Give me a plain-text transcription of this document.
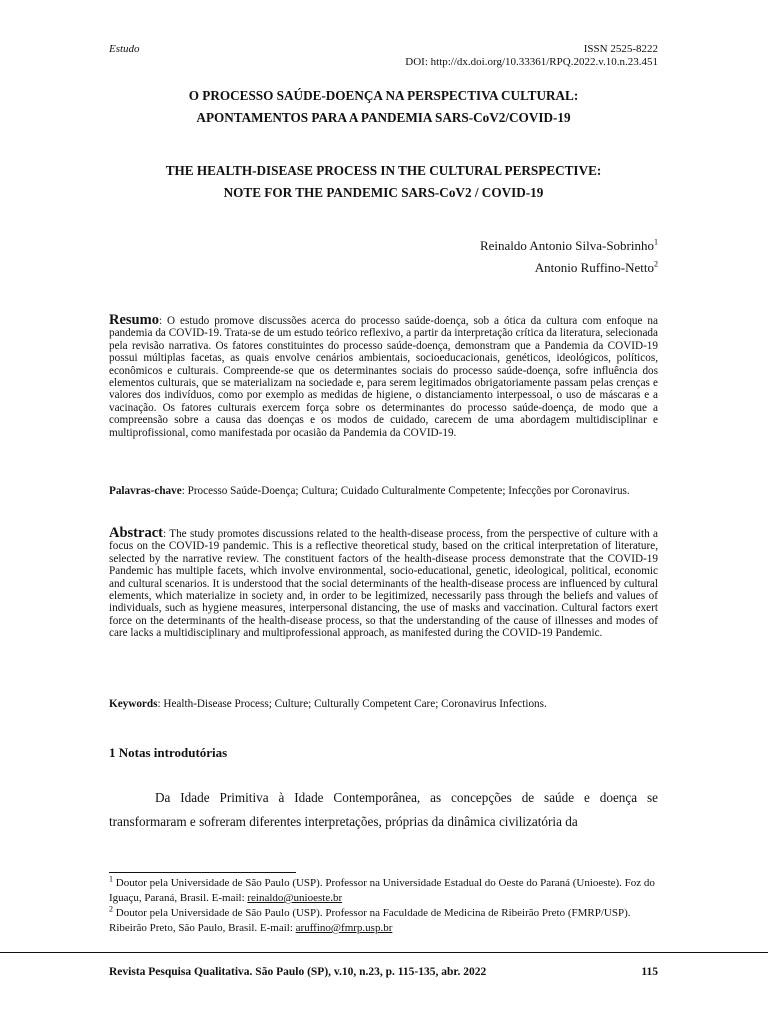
Estudo	ISSN 2525-8222
DOI: http://dx.doi.org/10.33361/RPQ.2022.v.10.n.23.451
O PROCESSO SAÚDE-DOENÇA NA PERSPECTIVA CULTURAL:
APONTAMENTOS PARA A PANDEMIA SARS-CoV2/COVID-19
THE HEALTH-DISEASE PROCESS IN THE CULTURAL PERSPECTIVE:
NOTE FOR THE PANDEMIC SARS-CoV2 / COVID-19
Reinaldo Antonio Silva-Sobrinho$^1$
Antonio Ruffino-Netto$^2$
Resumo: O estudo promove discussões acerca do processo saúde-doença, sob a ótica da cultura com enfoque na pandemia da COVID-19. Trata-se de um estudo teórico reflexivo, a partir da interpretação crítica da literatura, selecionada pela revisão narrativa. Os fatores constituintes do processo saúde-doença, demonstram que a Pandemia da COVID-19 possui múltiplas facetas, as quais envolve cenários ambientais, socioeducacionais, genéticos, ideológicos, políticos, econômicos e culturais. Compreende-se que os determinantes sociais do processo saúde-doença, sofre influência dos elementos culturais, que se materializam na sociedade e, para serem legitimados obrigatoriamente passam pelas crenças e valores dos indivíduos, como por exemplo as medidas de higiene, o distanciamento interpessoal, o uso de máscaras e a vacinação. Os fatores culturais exercem força sobre os determinantes do processo saúde-doença, de modo que a compreensão sobre a causa das doenças e os modos de cuidado, carecem de uma abordagem multidisciplinar e multiprofissional, como manifestada por ocasião da Pandemia da COVID-19.
Palavras-chave: Processo Saúde-Doença; Cultura; Cuidado Culturalmente Competente; Infecções por Coronavirus.
Abstract: The study promotes discussions related to the health-disease process, from the perspective of culture with a focus on the COVID-19 pandemic. This is a reflective theoretical study, based on the critical interpretation of literature, selected by the narrative review. The constituent factors of the health-disease process demonstrate that the COVID-19 Pandemic has multiple facets, which involve environmental, socio-educational, genetic, ideological, political, economic and cultural scenarios. It is understood that the social determinants of the health-disease process are influenced by cultural elements, which materialize in society and, in order to be legitimized, necessarily pass through the beliefs and values of individuals, such as hygiene measures, interpersonal distancing, the use of masks and vaccination. Cultural factors exert force on the determinants of the health-disease process, so that the understanding of the cause of illnesses and modes of care lacks a multidisciplinary and multiprofessional approach, as manifested during the COVID-19 Pandemic.
Keywords: Health-Disease Process; Culture; Culturally Competent Care; Coronavirus Infections.
1 Notas introdutórias
Da Idade Primitiva à Idade Contemporânea, as concepções de saúde e doença se transformaram e sofreram diferentes interpretações, próprias da dinâmica civilizatória da

$^1$ Doutor pela Universidade de São Paulo (USP). Professor na Universidade Estadual do Oeste do Paraná (Unioeste). Foz do Iguaçu, Paraná, Brasil. E-mail: reinaldo@unioeste.br

$^2$ Doutor pela Universidade de São Paulo (USP). Professor na Faculdade de Medicina de Ribeirão Preto (FMRP/USP). Ribeirão Preto, São Paulo, Brasil. E-mail: aruffino@fmrp.usp.br

Revista Pesquisa Qualitativa. São Paulo (SP), v.10, n.23, p. 115-135, abr. 2022	115
